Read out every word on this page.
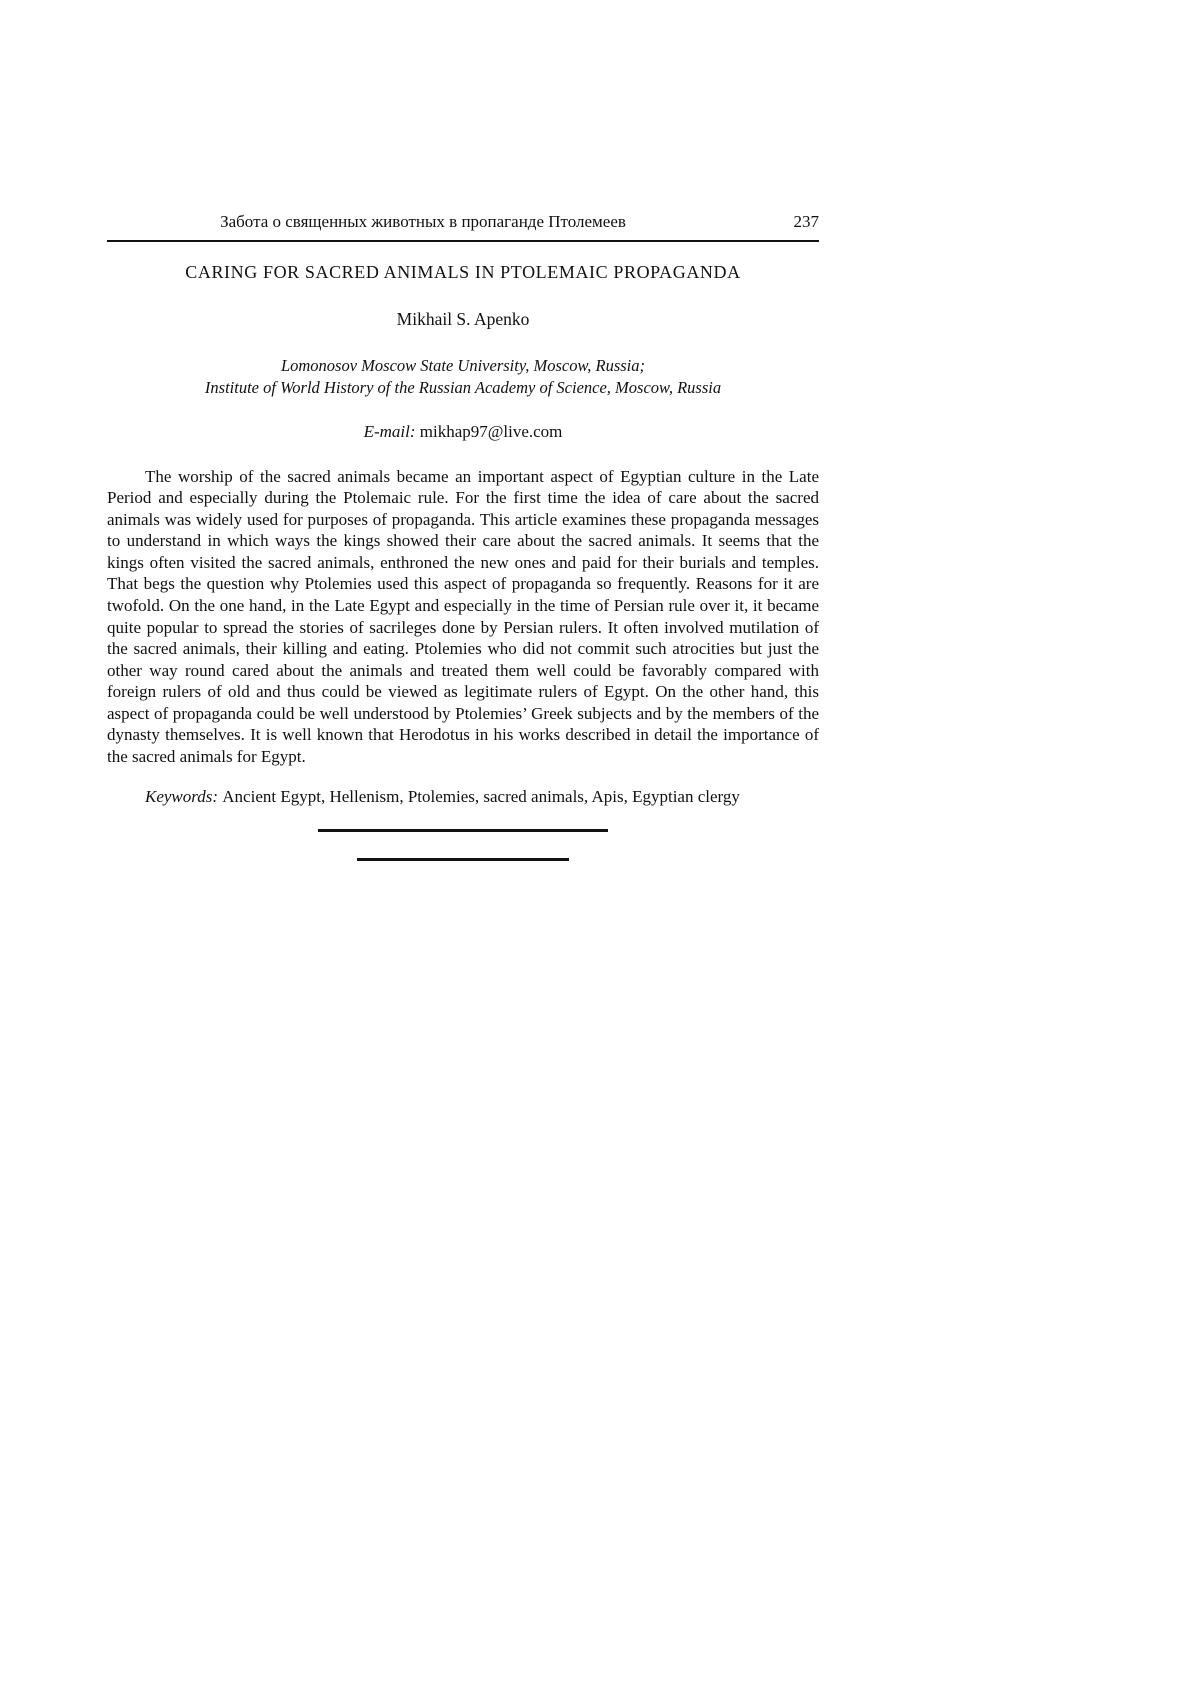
Забота о священных животных в пропаганде Птолемеев	237
CARING FOR SACRED ANIMALS IN PTOLEMAIC PROPAGANDA
Mikhail S. Apenko
Lomonosov Moscow State University, Moscow, Russia;
Institute of World History of the Russian Academy of Science, Moscow, Russia
E-mail: mikhap97@live.com

The worship of the sacred animals became an important aspect of Egyptian culture in the Late Period and especially during the Ptolemaic rule. For the first time the idea of care about the sacred animals was widely used for purposes of propaganda. This article examines these propaganda messages to understand in which ways the kings showed their care about the sacred animals. It seems that the kings often visited the sacred animals, enthroned the new ones and paid for their burials and temples. That begs the question why Ptolemies used this aspect of propaganda so frequently. Reasons for it are twofold. On the one hand, in the Late Egypt and especially in the time of Persian rule over it, it became quite popular to spread the stories of sacrileges done by Persian rulers. It often involved mutilation of the sacred animals, their killing and eating. Ptolemies who did not commit such atrocities but just the other way round cared about the animals and treated them well could be favorably compared with foreign rulers of old and thus could be viewed as legitimate rulers of Egypt. On the other hand, this aspect of propaganda could be well understood by Ptolemies’ Greek subjects and by the members of the dynasty themselves. It is well known that Herodotus in his works described in detail the importance of the sacred animals for Egypt.

Keywords: Ancient Egypt, Hellenism, Ptolemies, sacred animals, Apis, Egyptian clergy
